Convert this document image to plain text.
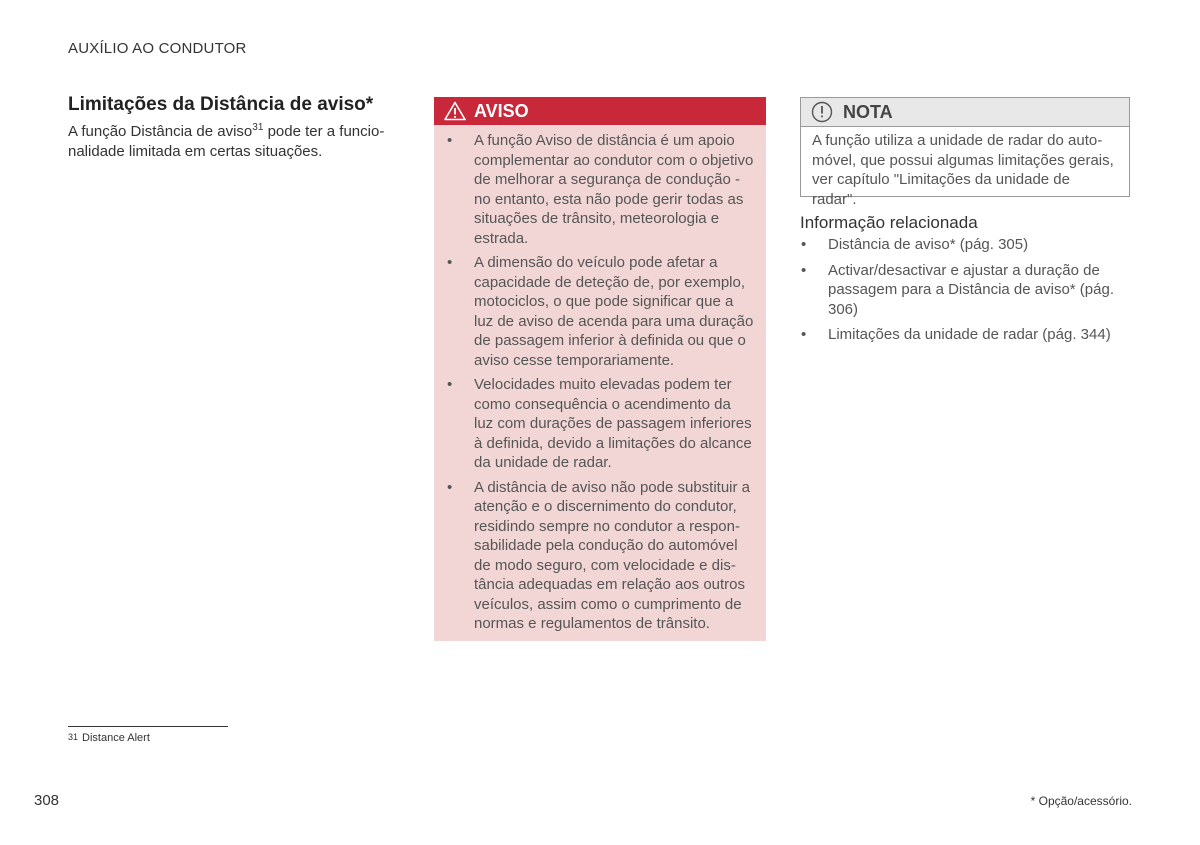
AUXÍLIO AO CONDUTOR
Limitações da Distância de aviso*

A função Distância de aviso$^{31}$ pode ter a funcionalidade limitada em certas situações.

AVISO
• A função Aviso de distância é um apoio complementar ao condutor com o objetivo de melhorar a segurança de condução - no entanto, esta não pode gerir todas as situações de trânsito, meteorologia e estrada.
• A dimensão do veículo pode afetar a capacidade de deteção de, por exemplo, motociclos, o que pode significar que a luz de aviso de acenda para uma duração de passagem inferior à definida ou que o aviso cesse temporariamente.
• Velocidades muito elevadas podem ter como consequência o acendimento da luz com durações de passagem inferiores à definida, devido a limitações do alcance da unidade de radar.
• A distância de aviso não pode substituir a atenção e o discernimento do condutor, residindo sempre no condutor a responsabilidade pela condução do automóvel de modo seguro, com velocidade e distância adequadas em relação aos outros veículos, assim como o cumprimento de normas e regulamentos de trânsito.
NOTA
A função utiliza a unidade de radar do automóvel, que possui algumas limitações gerais, ver capítulo "Limitações da unidade de radar".
Informação relacionada
• Distância de aviso* (pág. 305)
• Activar/desactivar e ajustar a duração de passagem para a Distância de aviso* (pág. 306)
• Limitações da unidade de radar (pág. 344)
$^{31}$ Distance Alert
308	* Opção/acessório.
